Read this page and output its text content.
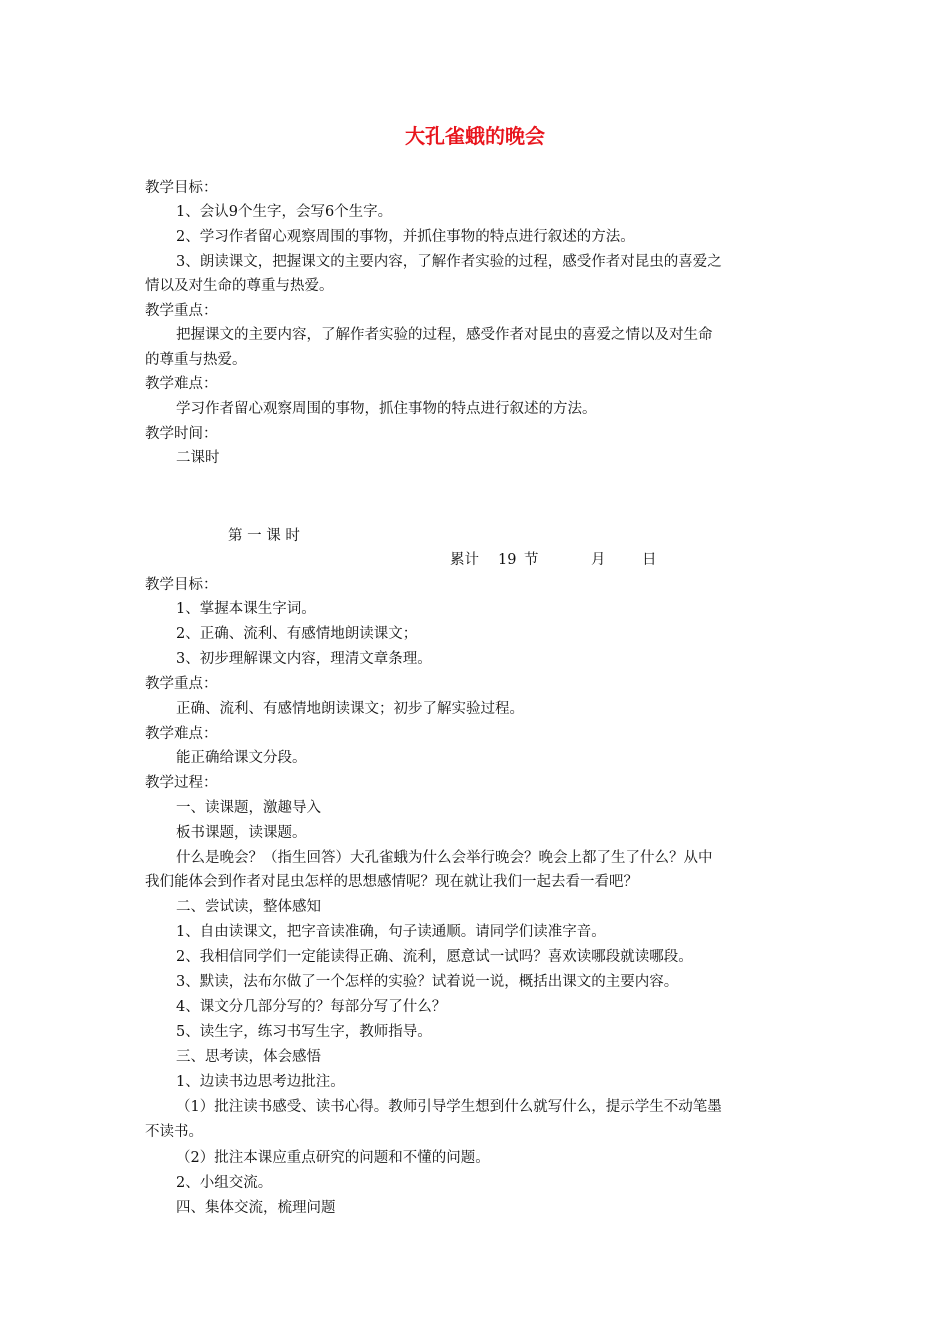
大孔雀蛾的晚会
教学目标：
1、会认9个生字，会写6个生字。
2、学习作者留心观察周围的事物，并抓住事物的特点进行叙述的方法。
3、朗读课文，把握课文的主要内容，了解作者实验的过程，感受作者对昆虫的喜爱之
情以及对生命的尊重与热爱。
教学重点：
把握课文的主要内容，了解作者实验的过程，感受作者对昆虫的喜爱之情以及对生命
的尊重与热爱。
教学难点：
学习作者留心观察周围的事物，抓住事物的特点进行叙述的方法。
教学时间：
二课时
第 一 课 时
累计 19 节	月	日
教学目标：
1、掌握本课生字词。
2、正确、流利、有感情地朗读课文；
3、初步理解课文内容，理清文章条理。
教学重点：
正确、流利、有感情地朗读课文；初步了解实验过程。
教学难点：
能正确给课文分段。
教学过程：
一、读课题，激趣导入
板书课题，读课题。
什么是晚会？（指生回答）大孔雀蛾为什么会举行晚会？晚会上都了生了什么？从中
我们能体会到作者对昆虫怎样的思想感情呢？现在就让我们一起去看一看吧？
二、尝试读，整体感知
1、自由读课文，把字音读准确，句子读通顺。请同学们读准字音。
2、我相信同学们一定能读得正确、流利，愿意试一试吗？喜欢读哪段就读哪段。
3、默读，法布尔做了一个怎样的实验？试着说一说，概括出课文的主要内容。
4、课文分几部分写的？每部分写了什么？
5、读生字，练习书写生字，教师指导。
三、思考读，体会感悟
1、边读书边思考边批注。
（1）批注读书感受、读书心得。教师引导学生想到什么就写什么，提示学生不动笔墨
不读书。
（2）批注本课应重点研究的问题和不懂的问题。
2、小组交流。
四、集体交流，梳理问题
